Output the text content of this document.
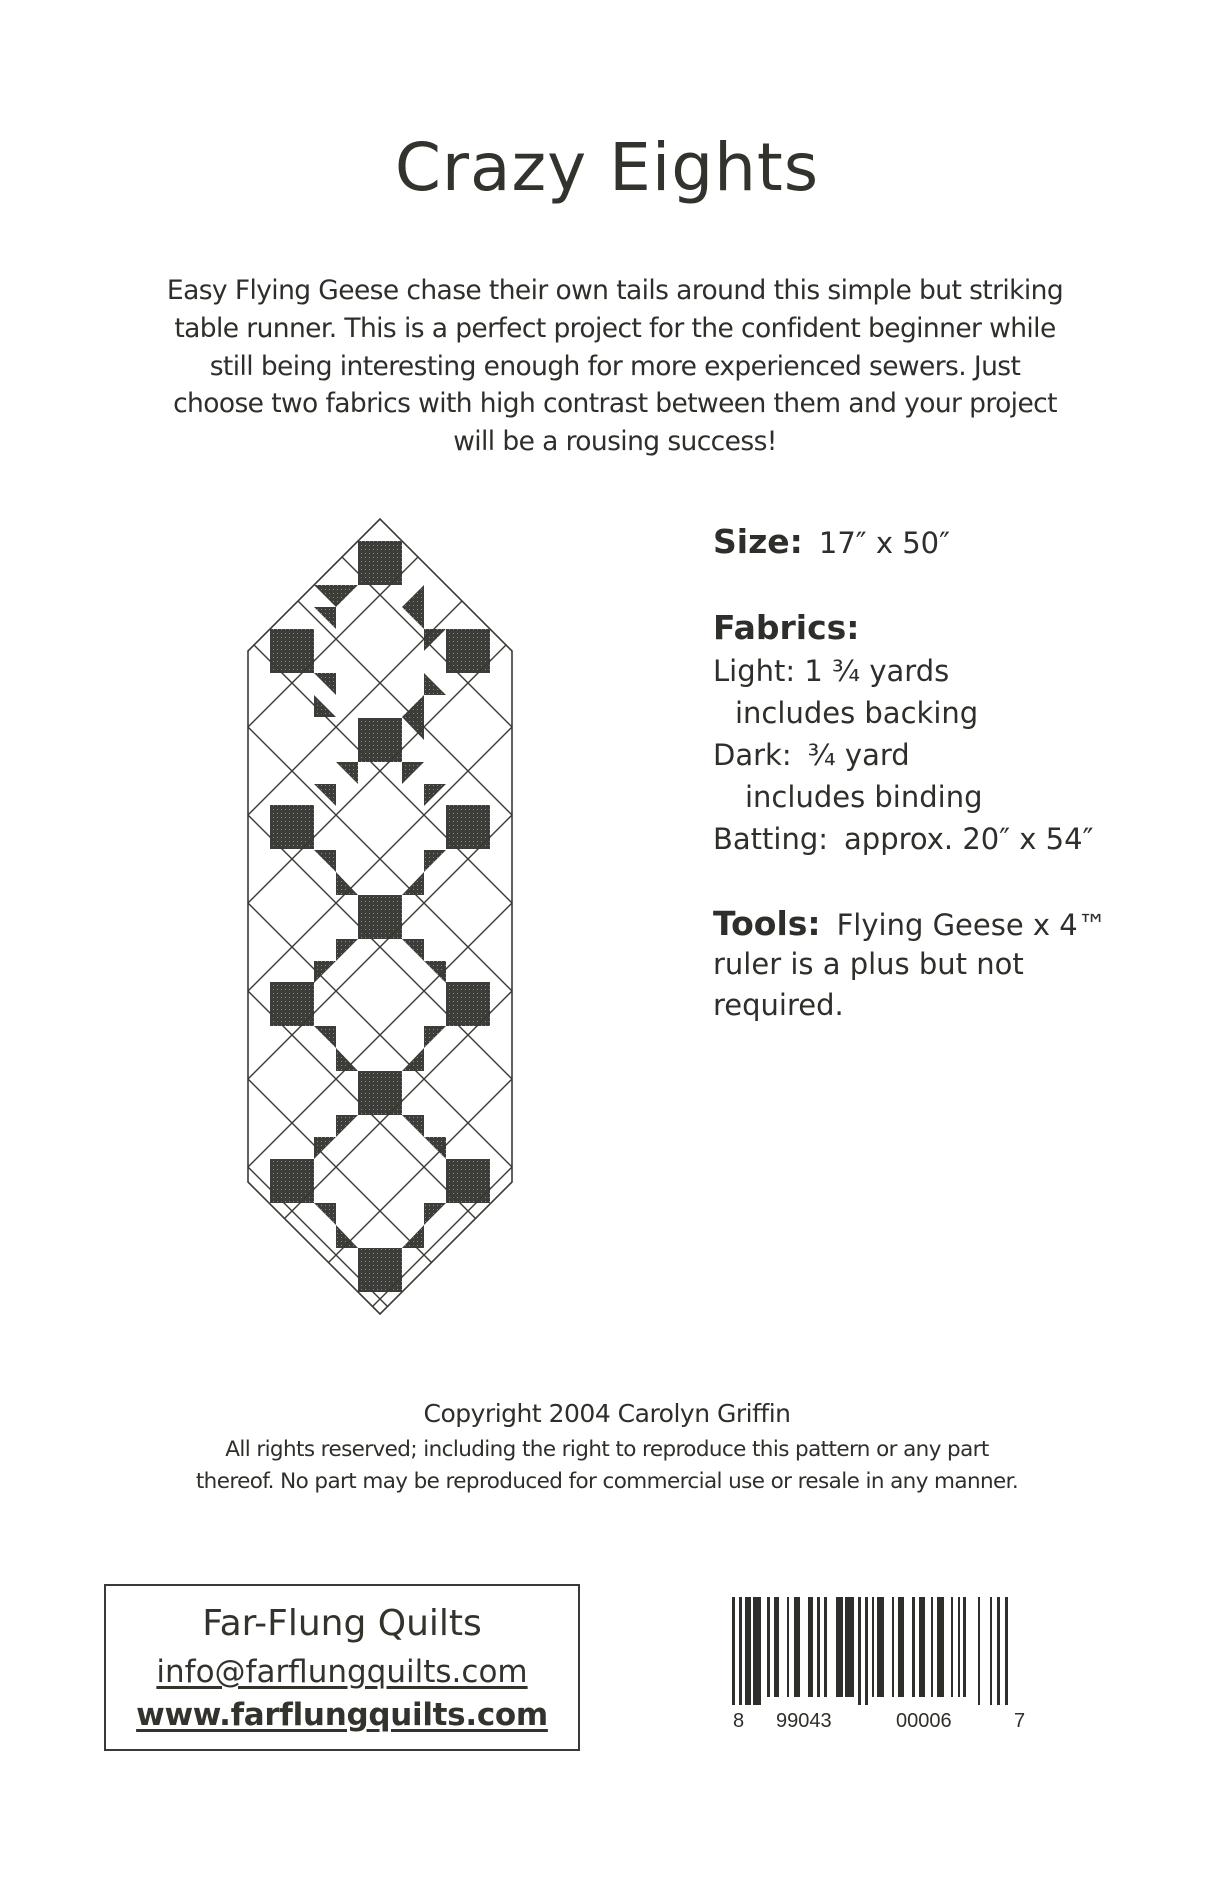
Crazy Eights
Easy Flying Geese chase their own tails around this simple but striking
table runner. This is a perfect project for the confident beginner while
still being interesting enough for more experienced sewers. Just
choose two fabrics with high contrast between them and your project
will be a rousing success!
Size: 17″ x 50″
Fabrics:
Light: 1 ¾ yards
includes backing
Dark: ¾ yard
includes binding
Batting: approx. 20″ x 54″
Tools: Flying Geese x 4™
ruler is a plus but not
required.
Copyright 2004 Carolyn Griffin
All rights reserved; including the right to reproduce this pattern or any part
thereof. No part may be reproduced for commercial use or resale in any manner.
Far-Flung Quilts
info@farflungquilts.com
www.farflungquilts.com	8 99043	00006	7
